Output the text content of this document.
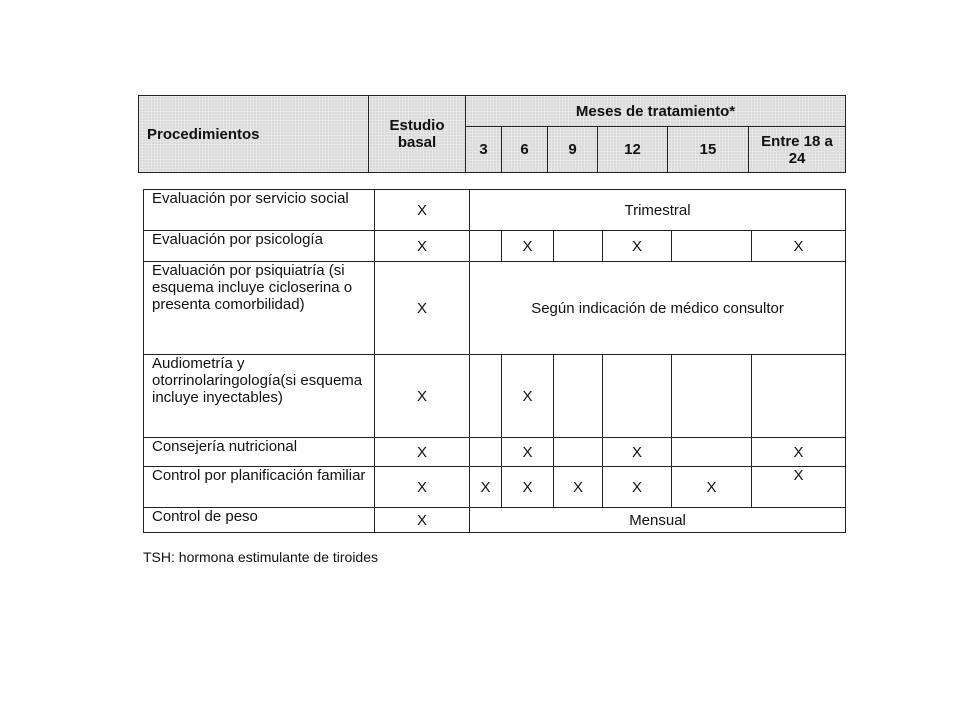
Procedimientos	Estudio basal	Meses de tratamiento*					
		3	6	9	12	15	Entre 18 a 24
Evaluación por servicio social	X	Trimestral					
Evaluación por psicología	X		X		X		X
Evaluación por psiquiatría (si esquema incluye cicloserina o presenta comorbilidad)	X	Según indicación de médico consultor					
Audiometría y otorrinolaringología(si esquema incluye inyectables)	X		X				
Consejería nutricional	X		X		X		X
Control por planificación familiar	X	X	X	X	X	X	X
Control de peso	X	Mensual					
TSH: hormona estimulante de tiroides
